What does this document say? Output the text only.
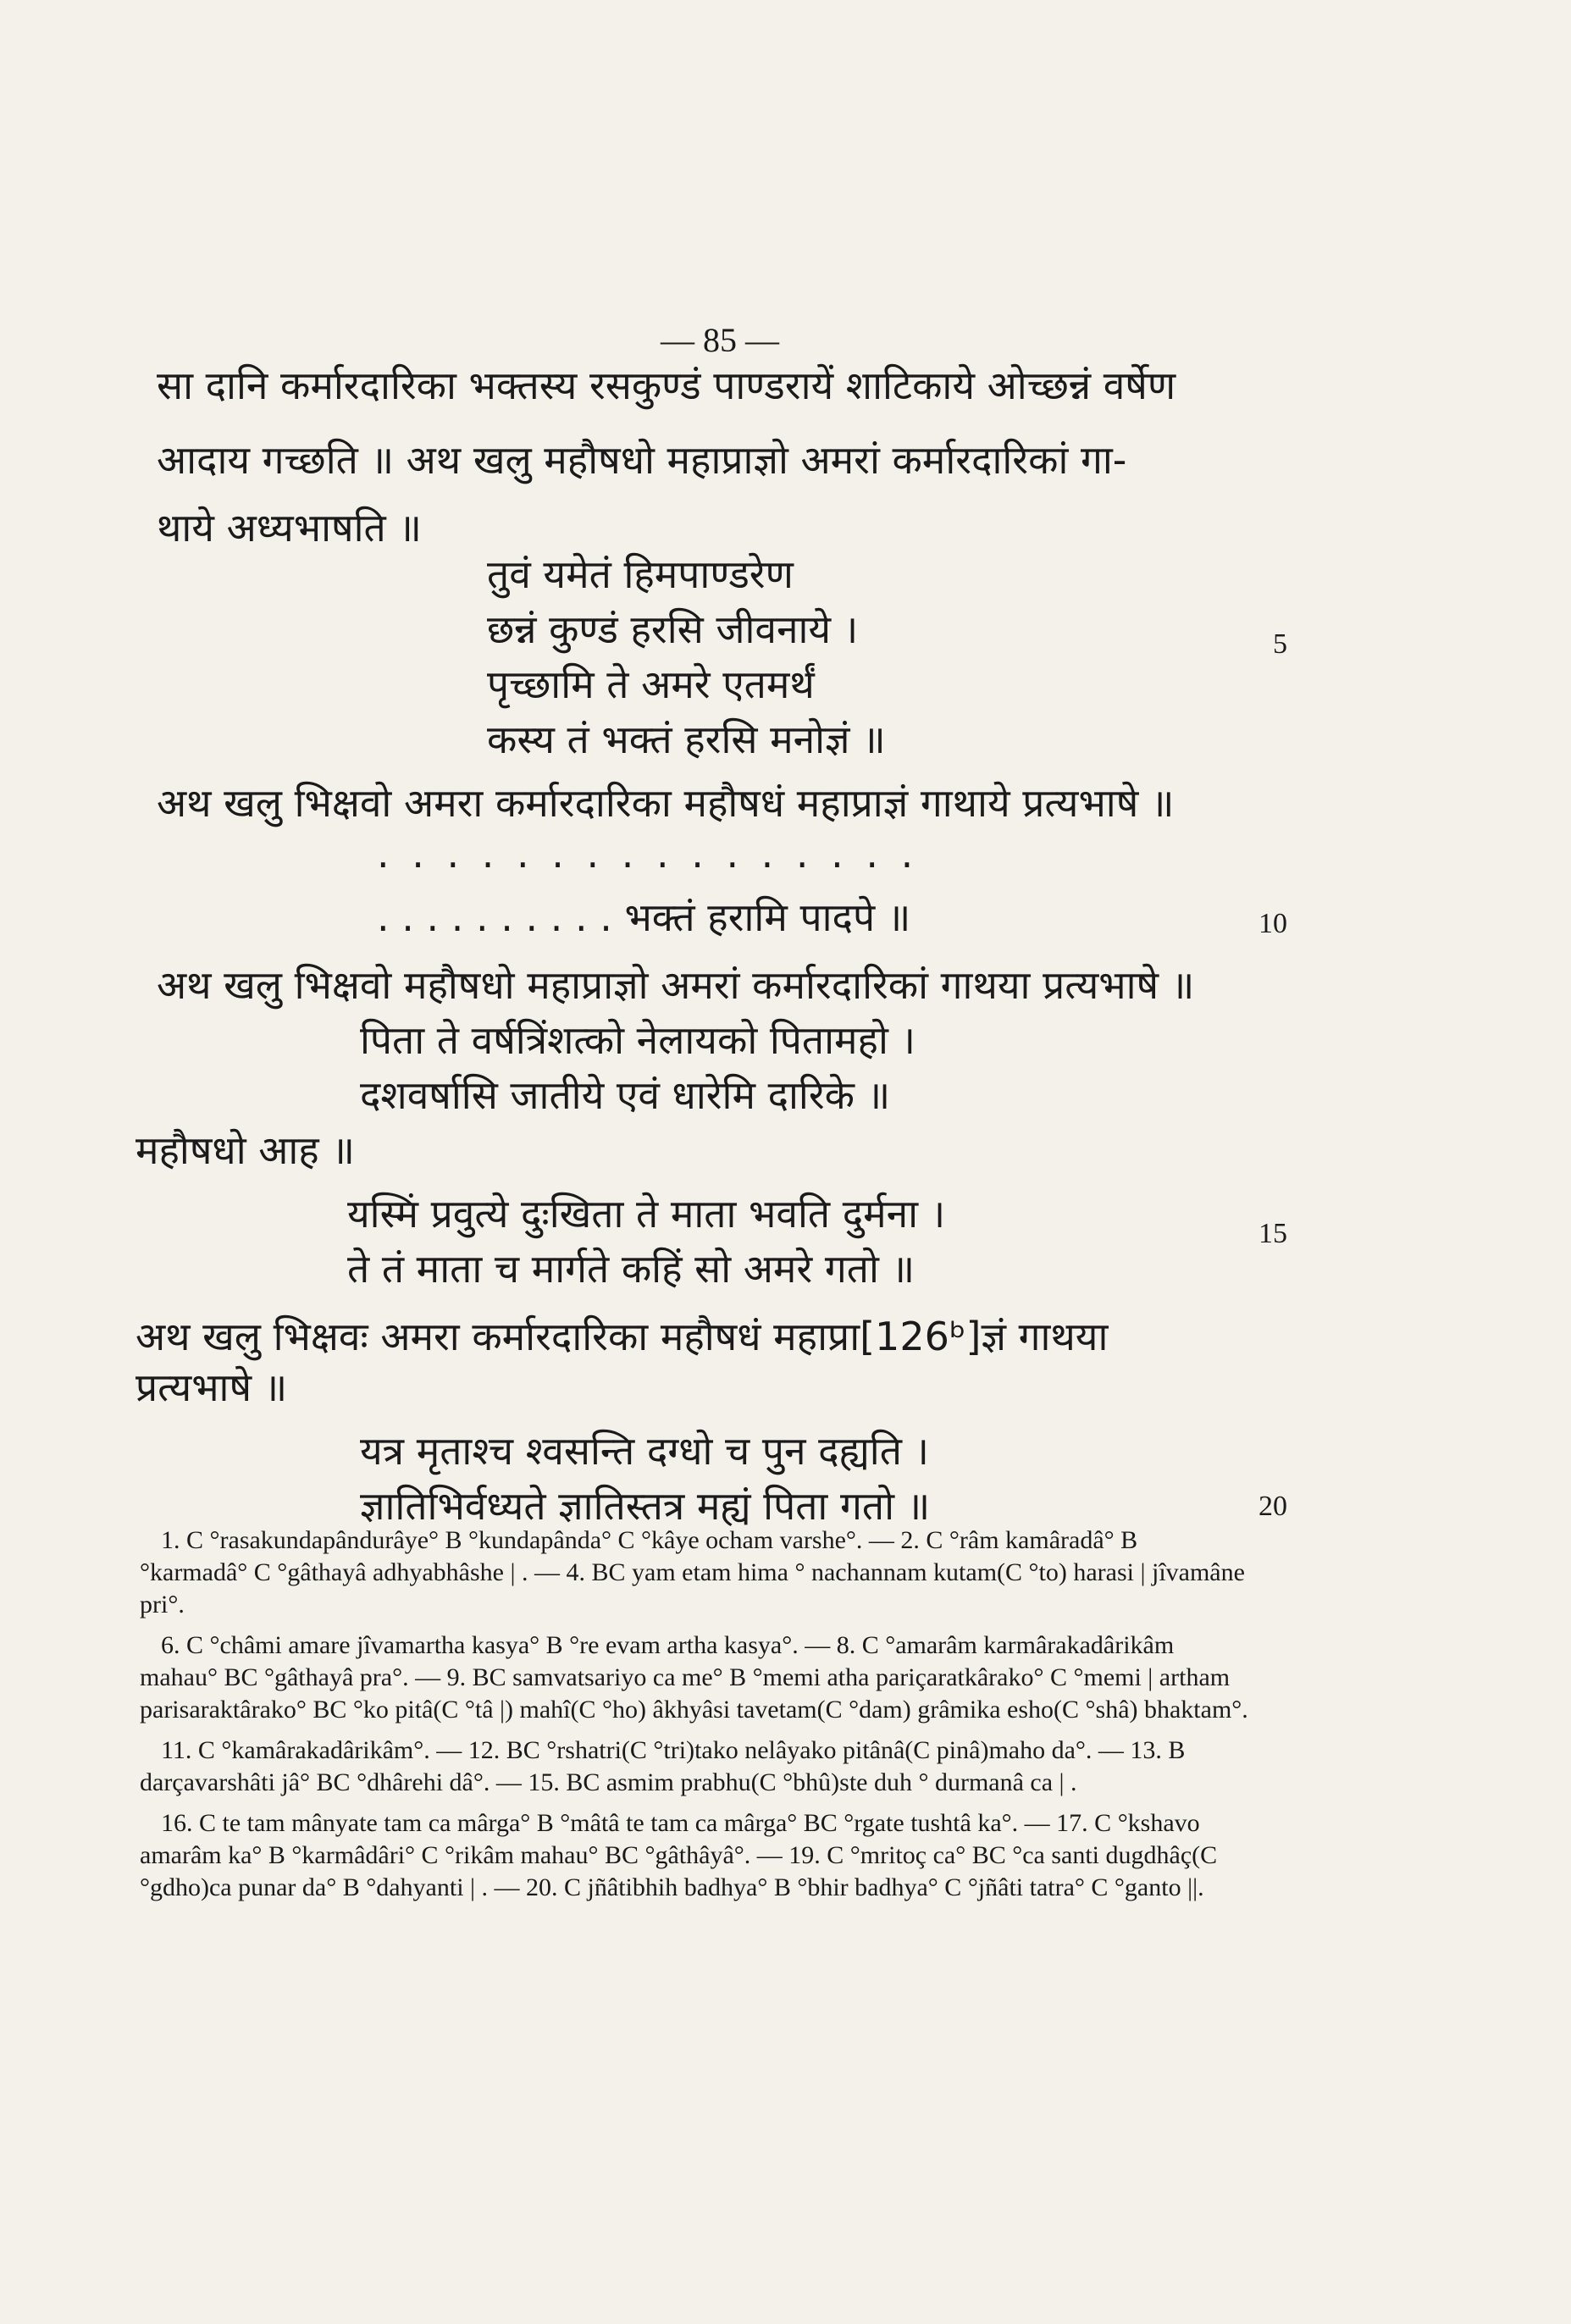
— 85 —
सा दानि कर्मारदारिका भक्तस्य रसकुण्डं पाण्डरायें शाटिकाये ओच्छन्नं वर्षेण
आदाय गच्छति ॥ अथ खलु महौषधो महाप्राज्ञो अमरां कर्मारदारिकां गा-
थाये अध्यभाषति ॥
तुवं यमेतं हिमपाण्डरेण
छन्नं कुण्डं हरसि जीवनाये ।
पृच्छामि ते अमरे एतमर्थं
कस्य तं भक्तं हरसि मनोज्ञं ॥
अथ खलु भिक्षवो अमरा कर्मारदारिका महौषधं महाप्राज्ञं गाथाये प्रत्यभाषे ॥
. . . . . . . . . . . . . . . .
. . . . . . . . . . भक्तं हरामि पादपे ॥
अथ खलु भिक्षवो महौषधो महाप्राज्ञो अमरां कर्मारदारिकां गाथया प्रत्यभाषे ॥
पिता ते वर्षत्रिंशत्को नेलायको पितामहो ।
दशवर्षासि जातीये एवं धारेमि दारिके ॥
महौषधो आह ॥
यस्मिं प्रवुत्ये दुःखिता ते माता भवति दुर्मना ।
ते तं माता च मार्गते कहिं सो अमरे गतो ॥
अथ खलु भिक्षवः अमरा कर्मारदारिका महौषधं महाप्रा[126ᵇ]ज्ञं गाथया
प्रत्यभाषे ॥
यत्र मृताश्च श्वसन्ति दग्धो च पुन दह्यति ।
ज्ञातिभिर्वध्यते ज्ञातिस्तत्र मह्यं पिता गतो ॥
5
10
15
20

1. C °rasakundapândurâye° B °kundapânda° C °kâye ocham varshe°. — 2. C °râm kamâradâ° B °karmadâ° C °gâthayâ adhyabhâshe | . — 4. BC yam etam hima ° nachannam kutam(C °to) harasi | jîvamâne pri°.

6. C °châmi amare jîvamartha kasya° B °re evam artha kasya°. — 8. C °amarâm karmârakadârikâm mahau° BC °gâthayâ pra°. — 9. BC samvatsariyo ca me° B °memi atha pariçaratkârako° C °memi | artham parisaraktârako° BC °ko pitâ(C °tâ |) mahî(C °ho) âkhyâsi tavetam(C °dam) grâmika esho(C °shâ) bhaktam°.

11. C °kamârakadârikâm°. — 12. BC °rshatri(C °tri)tako nelâyako pitânâ(C pinâ)maho da°. — 13. B darçavarshâti jâ° BC °dhârehi dâ°. — 15. BC asmim prabhu(C °bhû)ste duh ° durmanâ ca | .

16. C te tam mânyate tam ca mârga° B °mâtâ te tam ca mârga° BC °rgate tushtâ ka°. — 17. C °kshavo amarâm ka° B °karmâdâri° C °rikâm mahau° BC °gâthâyâ°. — 19. C °mritoç ca° BC °ca santi dugdhâç(C °gdho)ca punar da° B °dahyanti | . — 20. C jñâtibhih badhya° B °bhir badhya° C °jñâti tatra° C °ganto ||.
